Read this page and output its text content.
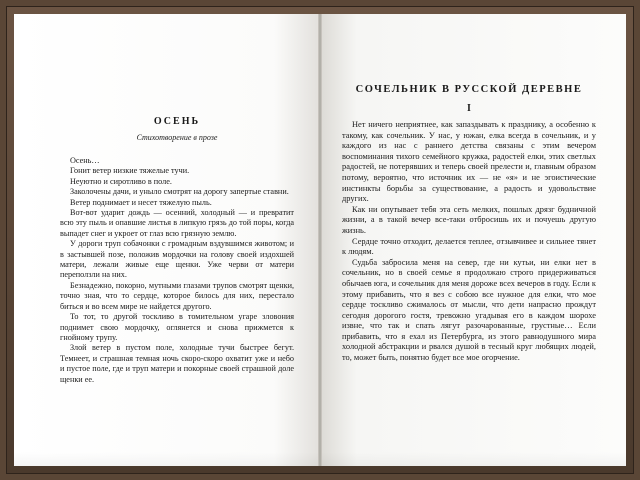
ОСЕНЬ
Стихотворение в прозе

Осень…

Гонит ветер низкие тяжелые тучи.

Неуютно и сиротливо в поле.

Заколочены дачи, и уныло смотрят на дорогу запертые ставни.

Ветер поднимает и несет тяжелую пыль.

Вот-вот ударит дождь — осенний, холодный — и превратит всю эту пыль и опавшие листья в липкую грязь до той поры, когда выпадет снег и укроет от глаз всю грязную землю.

У дороги труп собачонки с громадным вздувшимся животом; и в застывшей позе, положив мордочки на голову своей издохшей матери, лежали живые еще щенки. Уже черви от матери переползли на них.

Безнадежно, покорно, мутными глазами трупов смотрят щенки, точно зная, что то сердце, которое билось для них, перестало биться и во всем мире не найдется другого.

То тот, то другой тоскливо в томительном угаре зловония поднимет свою мордочку, оглянется и снова прижмется к гнойному трупу.

Злой ветер в пустом поле, холодные тучи быстрее бегут. Темнеет, и страшная темная ночь скоро-скоро охватит уже и небо и пустое поле, где и труп матери и покорные своей страшной доле щенки ее.

СОЧЕЛЬНИК В РУССКОЙ ДЕРЕВНЕ
I

Нет ничего неприятнее, как запаздывать к празднику, а особенно к такому, как сочельник. У нас, у южан, елка всегда в сочельник, и у каждого из нас с раннего детства связаны с этим вечером воспоминания тихого семейного кружка, радостей елки, этих светлых радостей, не потерявших и теперь своей прелести и, главным образом потому, вероятно, что источник их — не «я» и не эгоистические инстинкты борьбы за существование, а радость и удовольствие других.

Как ни опутывает тебя эта сеть мелких, пошлых дрязг будничной жизни, а в такой вечер все-таки отбросишь их и почуешь другую жизнь.

Сердце точно отходит, делается теплее, отзывчивее и сильнее тянет к людям.

Судьба забросила меня на север, где ни кутьи, ни елки нет в сочельник, но в своей семье я продолжаю строго придерживаться обычаев юга, и сочельник для меня дороже всех вечеров в году. Если к этому прибавить, что я вез с собою все нужное для елки, что мое сердце тоскливо сжималось от мысли, что дети напрасно прождут сегодня дорогого гостя, тревожно угадывая его в каждом шорохе извне, что так и спать лягут разочарованные, грустные… Если прибавить, что я ехал из Петербурга, из этого равнодушного мира холодной абстракции и рвался душой в тесный круг любящих людей, то, может быть, понятно будет все мое огорчение.
